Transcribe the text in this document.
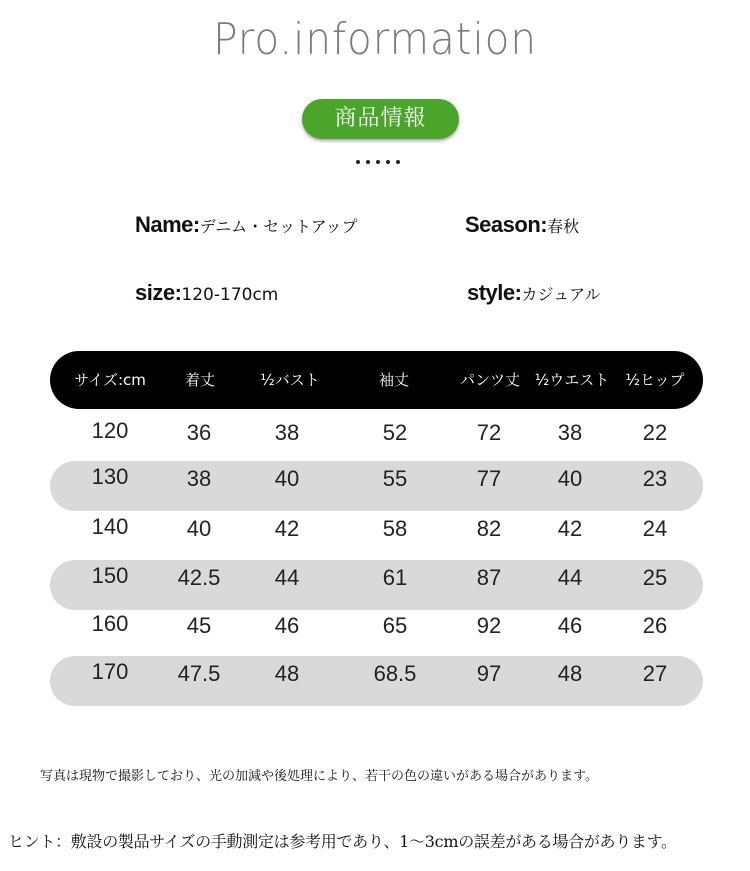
Pro.information
商品情報
Name:デニム・セットアップ	Season:春秋
size:120-170cm	style:カジュアル
サイズ:cm	着丈	½バスト	袖丈	パンツ丈 ½ウエスト ½ヒップ
120	36	38	52	72	38	22
130	38	40	55	77	40	23
140	40	42	58	82	42	24
150 42.5 44	61	87	44	25
160	45	46	65	92	46	26
170 47.5 48	68.5	97	48	27
写真は現物で撮影しており、光の加減や後処理により、若干の色の違いがある場合があります。
ヒント：敷設の製品サイズの手動測定は参考用であり、1～3cmの誤差がある場合があります。
